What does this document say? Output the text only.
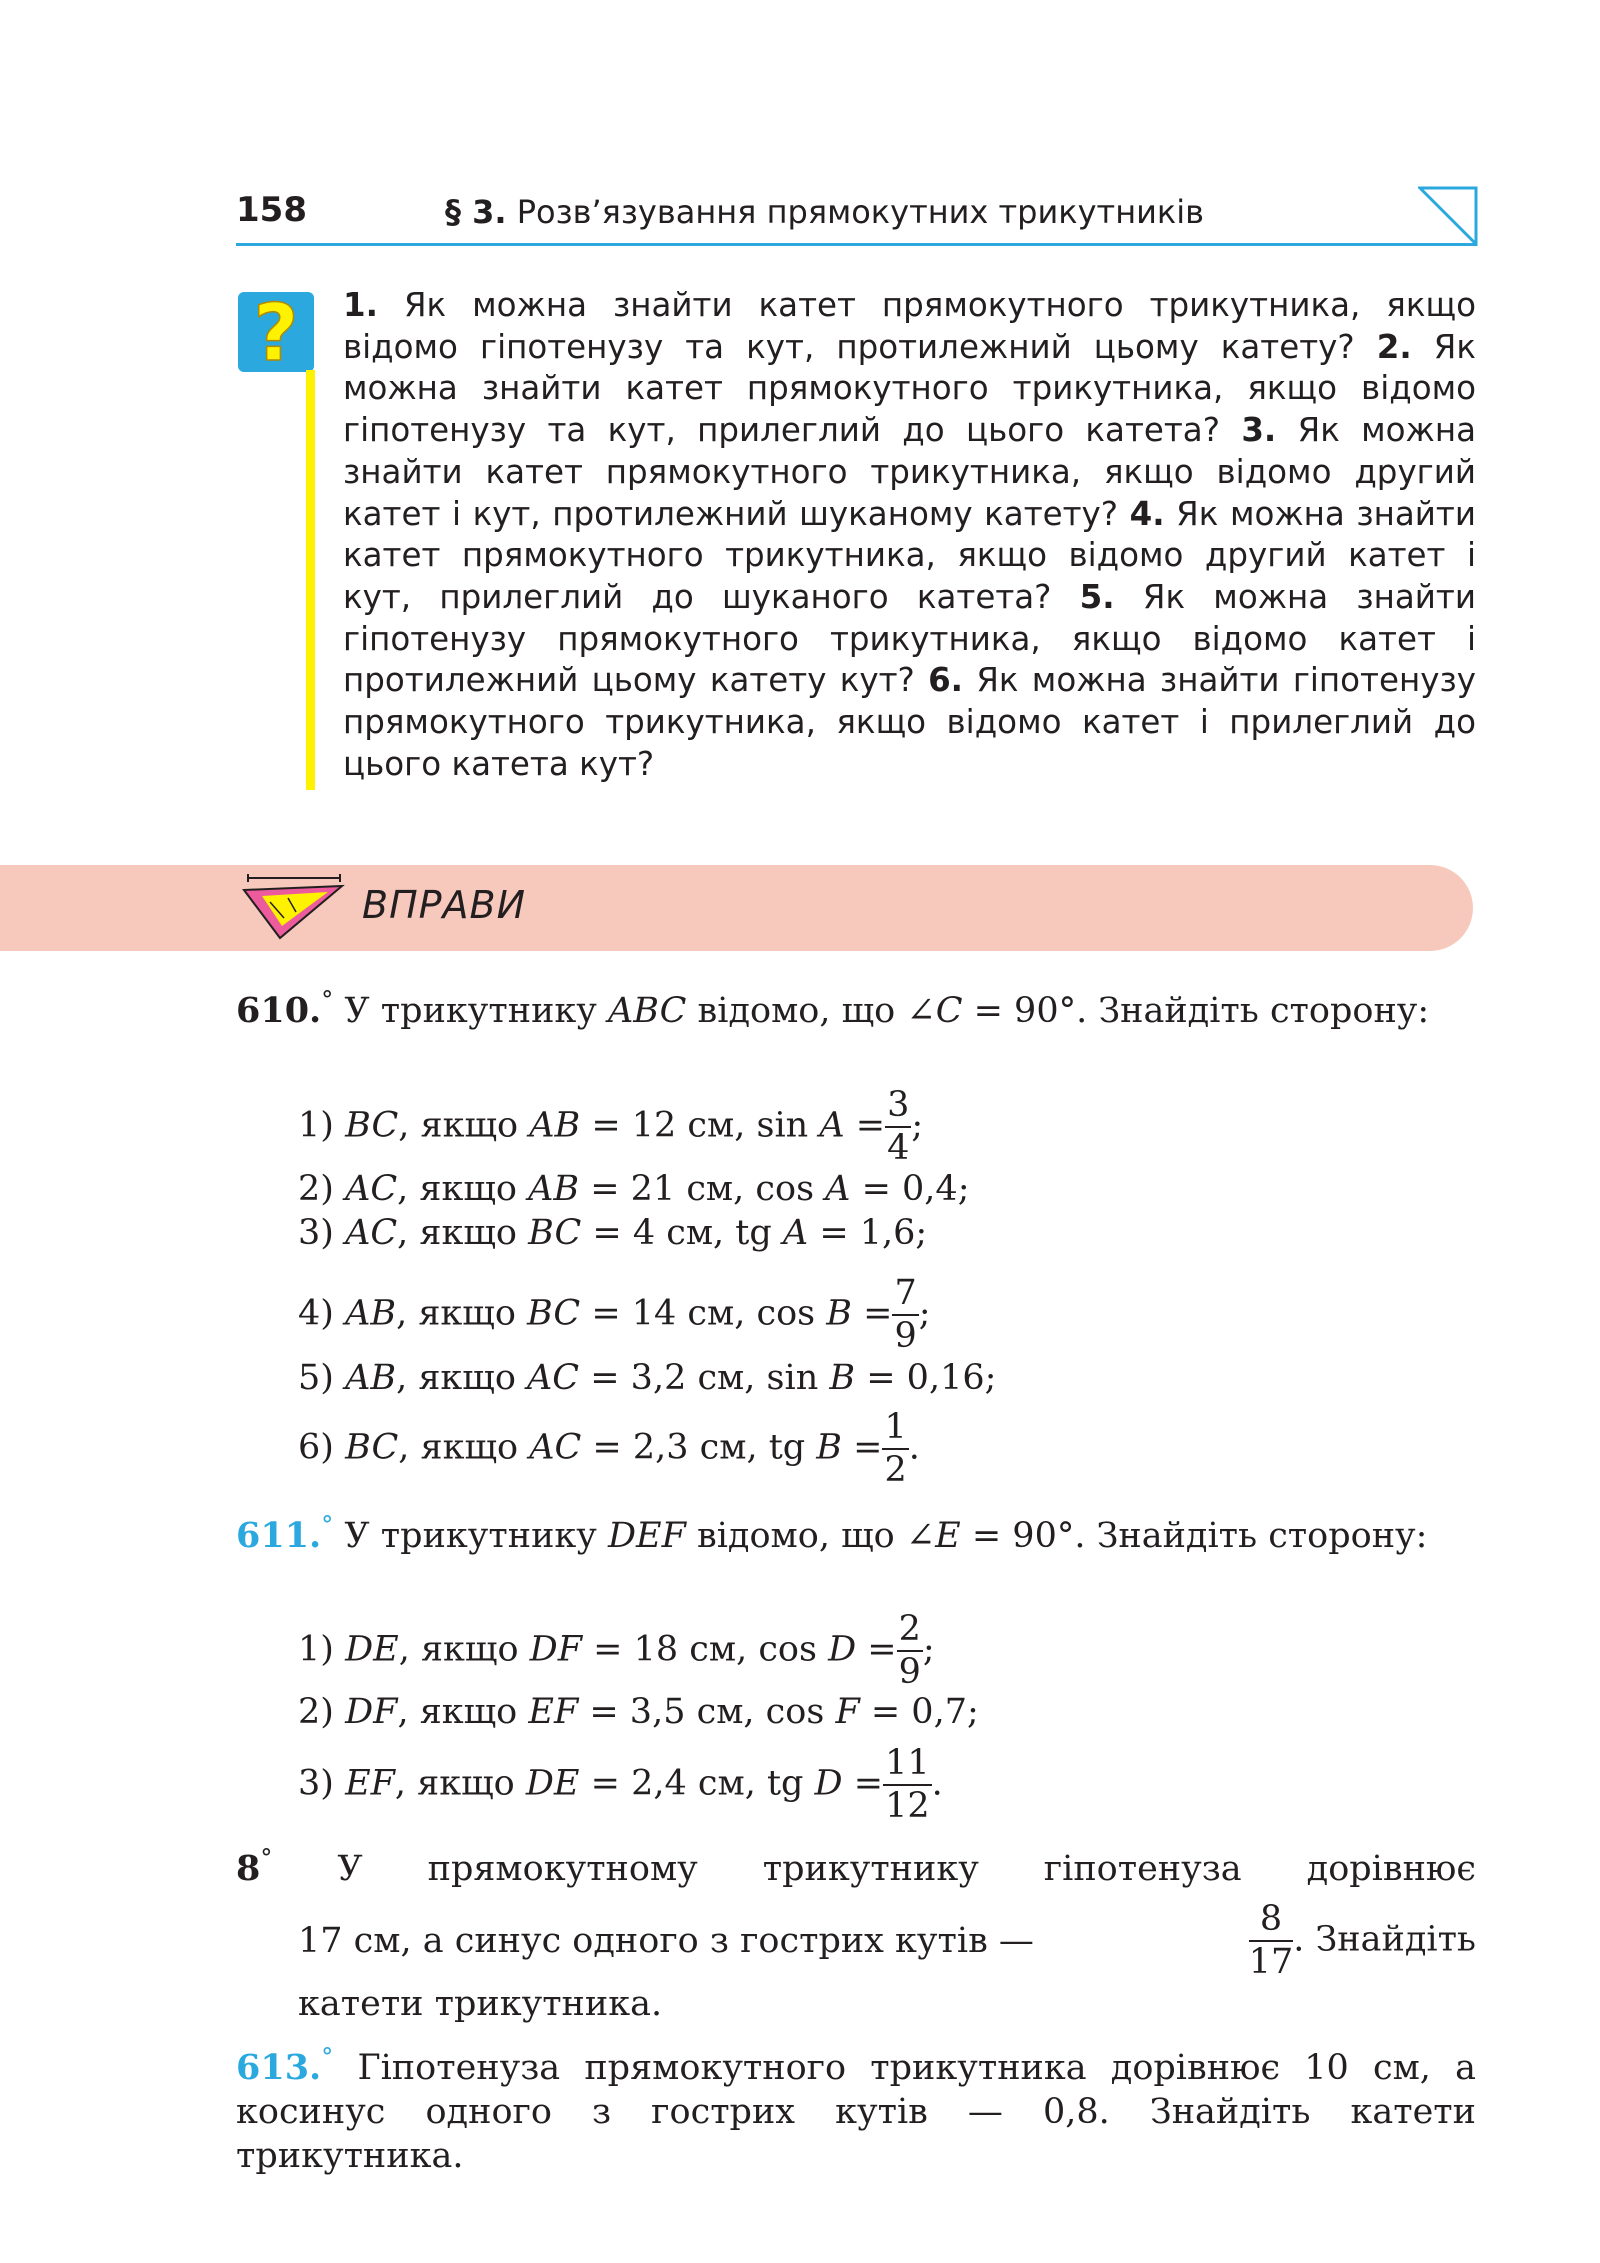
158	§ 3. Розв’язування прямокутних трикутників
? 1. Як можна знайти катет прямокутного трикутника, якщо відомо гіпотенузу та кут, протилежний цьому катету? 2. Як можна знайти катет прямокутного трикутника, якщо відомо гіпотенузу та кут, прилеглий до цього катета? 3. Як можна знайти катет прямокутного трикутника, якщо відомо другий катет і кут, протилежний шуканому катету? 4. Як можна знайти катет прямокутного трикутника, якщо відомо другий катет і кут, прилеглий до шуканого катета? 5. Як можна знайти гіпотенузу прямокутного трикутника, якщо відомо катет і протилежний цьому катету кут? 6. Як можна знайти гіпотенузу прямокутного трикутника, якщо відомо катет і прилеглий до цього катета кут?
ВПРАВИ
610.° У трикутнику ABC відомо, що ∠C = 90°. Знайдіть сторону:
1) BC, якщо AB = 12 см, $\sin A = \frac{3}{4}$ ;
2) AC, якщо AB = 21 см, cos A = 0,4;
3) AC, якщо BC = 4 см, tg A = 1,6;
4) AB, якщо BC = 14 см, $\cos B = \frac{7}{9}$ ;
5) AB, якщо AC = 3,2 см, sin B = 0,16;
6) BC, якщо AC = 2,3 см, tg $B = \frac{1}{2}$ .
611.° У трикутнику DEF відомо, що ∠E = 90°. Знайдіть сторону:
1) DE, якщо DF = 18 см, $\cos D = \frac{2}{9}$ ;
2) DF, якщо EF = 3,5 см, cos F = 0,7;
3) EF, якщо DE = 2,4 см, tg $D = \frac{11}{12}$ .
8° У прямокутному трикутнику гіпотенуза дорівнює
17 см, а синус одного з гострих кутів —	$\frac{8}{17}$ . Знайдіть
катети трикутника.
613.° Гіпотенуза прямокутного трикутника дорівнює 10 см, а косинус одного з гострих кутів — 0,8. Знайдіть катети трикутника.
